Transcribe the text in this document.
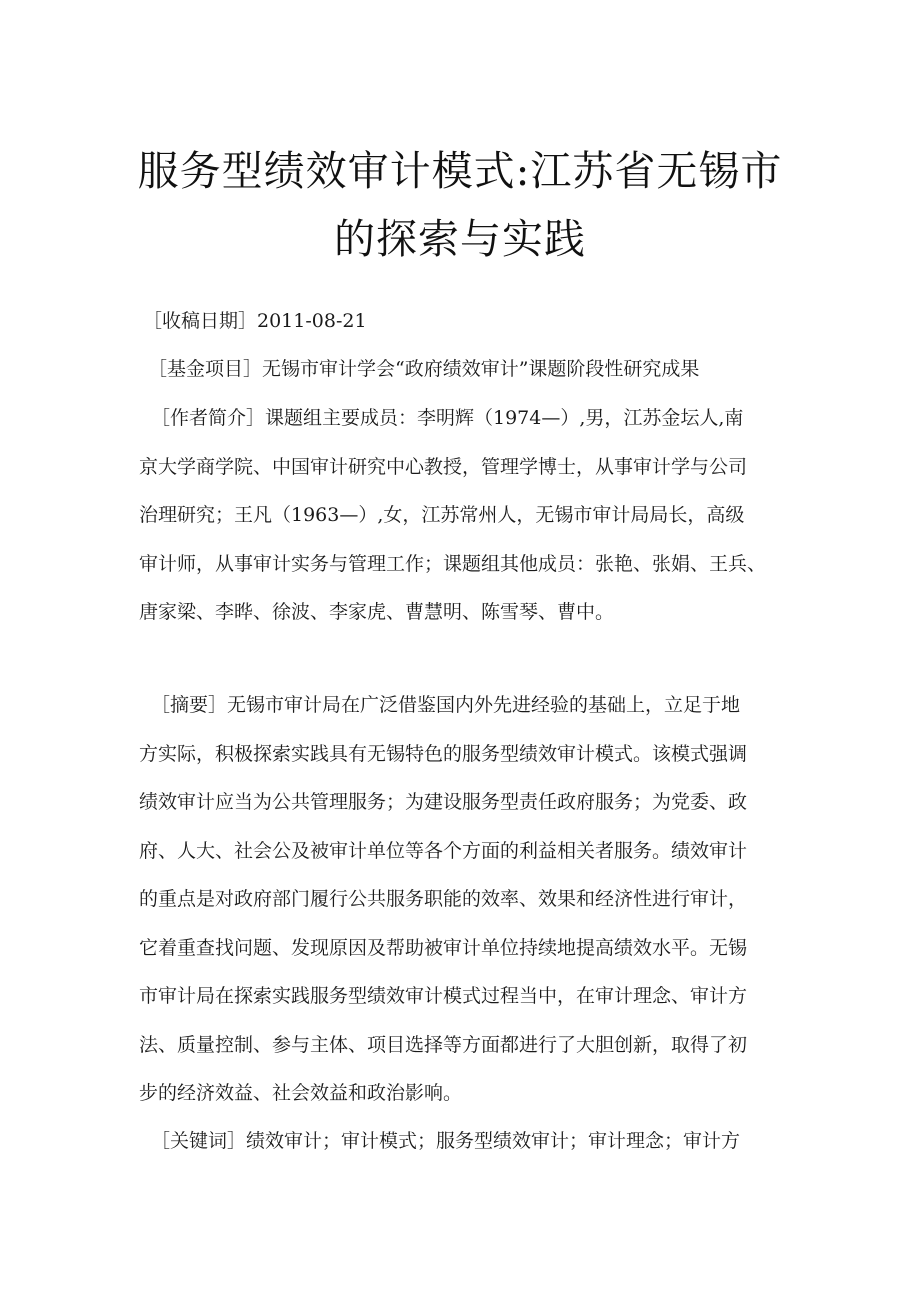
服务型绩效审计模式:江苏省无锡市
的探索与实践

［收稿日期］2011-08-21

［基金项目］无锡市审计学会“政府绩效审计”课题阶段性研究成果

［作者简介］课题组主要成员：李明辉（1974—）,男，江苏金坛人,南
京大学商学院、中国审计研究中心教授，管理学博士，从事审计学与公司
治理研究；王凡（1963—）,女，江苏常州人，无锡市审计局局长，高级
审计师，从事审计实务与管理工作；课题组其他成员：张艳、张娟、王兵、
唐家梁、李晔、徐波、李家虎、曹慧明、陈雪琴、曹中。
［摘要］无锡市审计局在广泛借鉴国内外先进经验的基础上，立足于地
方实际，积极探索实践具有无锡特色的服务型绩效审计模式。该模式强调
绩效审计应当为公共管理服务；为建设服务型责任政府服务；为党委、政
府、人大、社会公及被审计单位等各个方面的利益相关者服务。绩效审计
的重点是对政府部门履行公共服务职能的效率、效果和经济性进行审计，
它着重查找问题、发现原因及帮助被审计单位持续地提高绩效水平。无锡
市审计局在探索实践服务型绩效审计模式过程当中，在审计理念、审计方
法、质量控制、参与主体、项目选择等方面都进行了大胆创新，取得了初
步的经济效益、社会效益和政治影响。
［关键词］绩效审计；审计模式；服务型绩效审计；审计理念；审计方
